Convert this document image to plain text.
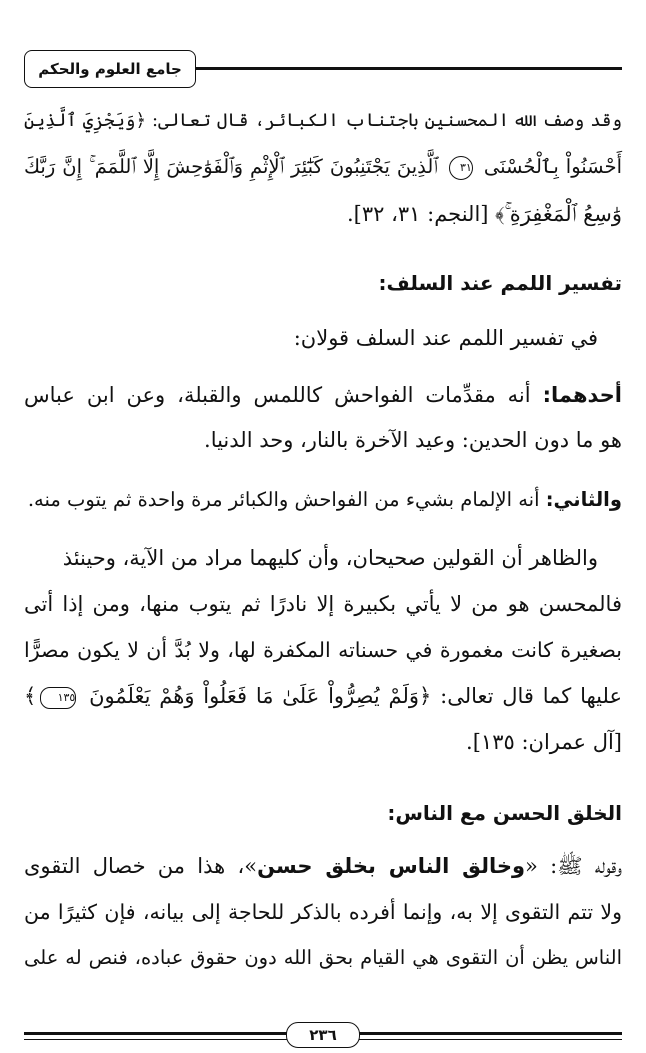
جامع العلوم والحكم
وقد وصف الله المحسنين باجتناب الكبائر، قال تعالى: ﴿وَيَجْزِيَ ٱلَّذِينَ
أَحْسَنُواْ بِٱلْحُسْنَى ٣١ ٱلَّذِينَ يَجْتَنِبُونَ كَبَٰٓئِرَ ٱلْإِثْمِ وَٱلْفَوَٰحِشَ إِلَّا ٱللَّمَمَ ۚ إِنَّ رَبَّكَ
وَٰسِعُ ٱلْمَغْفِرَةِ ۚ﴾ [النجم: ٣١، ٣٢].
تفسير اللمم عند السلف:
في تفسير اللمم عند السلف قولان:
أحدهما: أنه مقدِّمات الفواحش كاللمس والقبلة، وعن ابن عباس
هو ما دون الحدين: وعيد الآخرة بالنار، وحد الدنيا.
والثاني: أنه الإلمام بشيء من الفواحش والكبائر مرة واحدة ثم يتوب منه.
والظاهر أن القولين صحيحان، وأن كليهما مراد من الآية، وحينئذ
فالمحسن هو من لا يأتي بكبيرة إلا نادرًا ثم يتوب منها، ومن إذا أتى
بصغيرة كانت مغمورة في حسناته المكفرة لها، ولا بُدَّ أن لا يكون مصرًّا
عليها كما قال تعالى: ﴿وَلَمْ يُصِرُّواْ عَلَىٰ مَا فَعَلُواْ وَهُمْ يَعْلَمُونَ ١٣٥﴾
[آل عمران: ١٣٥].
الخلق الحسن مع الناس:
وقوله ﷺ: «وخالق الناس بخلق حسن»، هذا من خصال التقوى
ولا تتم التقوى إلا به، وإنما أفرده بالذكر للحاجة إلى بيانه، فإن كثيرًا من
الناس يظن أن التقوى هي القيام بحق الله دون حقوق عباده، فنص له على
٢٣٦
